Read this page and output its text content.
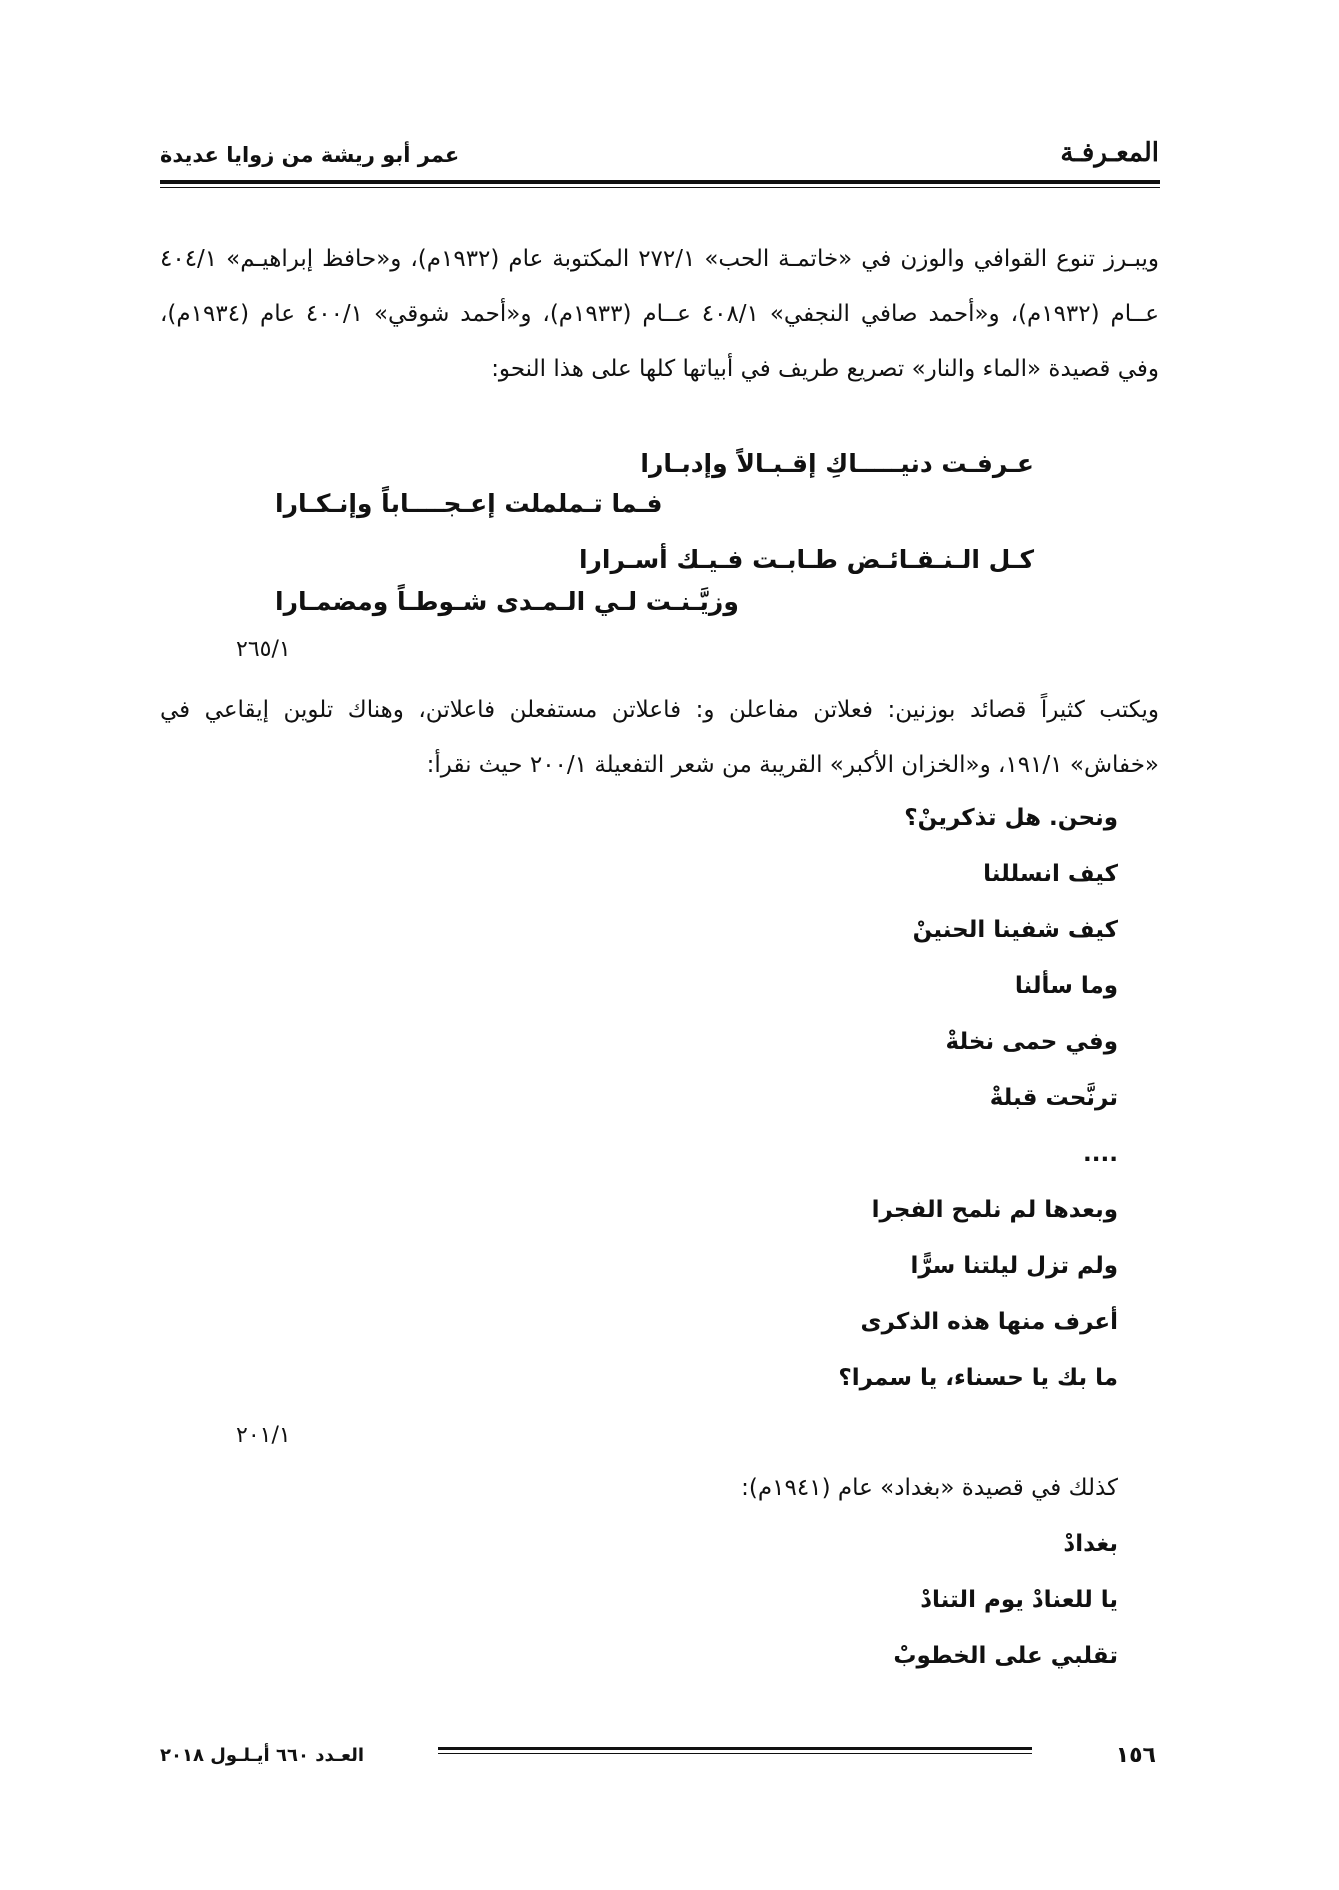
المعـرفـة
عمر أبو ريشة من زوايا عديدة
ويبـرز تنوع القوافي والوزن في «خاتمـة الحب» ٢٧٢/١ المكتوبة عام (١٩٣٢م)، و«حافظ إبراهيـم» ٤٠٤/١ عــام (١٩٣٢م)، و«أحمد صافي النجفي» ٤٠٨/١ عــام (١٩٣٣م)، و«أحمد شوقي» ٤٠٠/١ عام (١٩٣٤م)، وفي قصيدة «الماء والنار» تصريع طريف في أبياتها كلها على هذا النحو:
عـرفـت دنيـــــاكِ إقـبـالاً وإدبـارا
فـما تـململت إعـجــــاباً وإنـكـارا
كـل الـنـقـائـض طـابـت فـيـك أسـرارا
وزيَّـنـت لـي الـمـدى شـوطـاً ومضمـارا
٢٦٥/١
ويكتب كثيراً قصائد بوزنين: فعلاتن مفاعلن و: فاعلاتن مستفعلن فاعلاتن، وهناك تلوين إيقاعي في «خفاش» ١٩١/١، و«الخزان الأكبر» القريبة من شعر التفعيلة ٢٠٠/١ حيث نقرأ:
ونحن. هل تذكرينْ؟
كيف انسللنا
كيف شفينا الحنينْ
وما سألنا
وفي حمى نخلةْ
ترنَّحت قبلةْ
....
وبعدها لم نلمح الفجرا
ولم تزل ليلتنا سرًّا
أعرف منها هذه الذكرى
ما بك يا حسناء، يا سمرا؟
٢٠١/١
كذلك في قصيدة «بغداد» عام (١٩٤١م):
بغدادْ
يا للعنادْ يوم التنادْ
تقلبي على الخطوبْ
١٥٦
العـدد ٦٦٠ أيـلـول ٢٠١٨
